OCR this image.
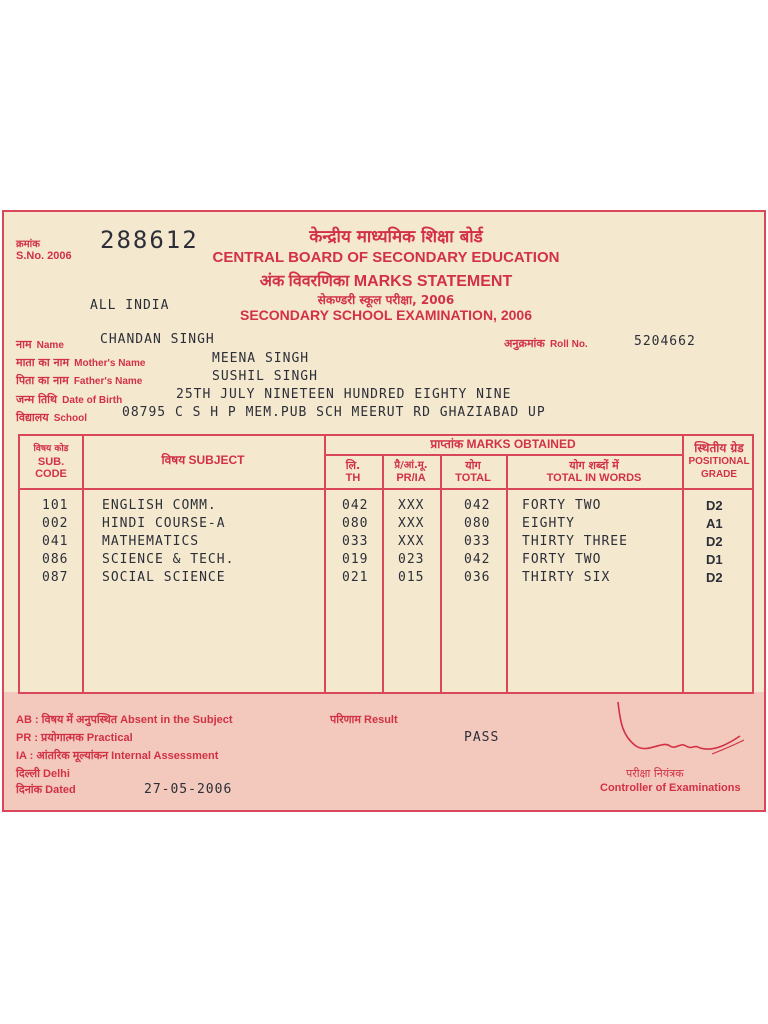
क्रमांक
S.No. 2006
288612	केन्द्रीय माध्यमिक शिक्षा बोर्ड
CENTRAL BOARD OF SECONDARY EDUCATION
अंक विवरणिका MARKS STATEMENT
सेकण्डरी स्कूल परीक्षा, 2006
SECONDARY SCHOOL EXAMINATION, 2006
ALL INDIA
नाम Name	CHANDAN SINGH	अनुक्रमांक Roll No.	5204662
माता का नाम Mother's Name	MEENA SINGH
पिता का नाम Father's Name	SUSHIL SINGH
जन्म तिथि Date of Birth	25TH JULY NINETEEN HUNDRED EIGHTY NINE
विद्यालय School	08795 C S H P MEM.PUB SCH MEERUT RD GHAZIABAD UP
विषय कोड
SUB. CODE
विषय SUBJECT
प्राप्तांक MARKS OBTAINED
लि.
TH
प्रै/आं.मू.
PR/IA
योग
TOTAL
योग शब्दों में
TOTAL IN WORDS
स्थितीय ग्रेड
POSITIONAL GRADE
101	ENGLISH COMM.	042 XXX	042 FORTY TWO	D2
002	HINDI COURSE-A	080 XXX	080 EIGHTY	A1
041	MATHEMATICS	033 XXX	033 THIRTY THREE	D2
086	SCIENCE & TECH.	019 023	042 FORTY TWO	D1
087	SOCIAL SCIENCE	021 015	036 THIRTY SIX	D2
AB : विषय में अनुपस्थित Absent in the Subject
PR : प्रयोगात्मक Practical
IA : आंतरिक मूल्यांकन Internal Assessment
दिल्ली Delhi
दिनांक Dated	27-05-2006
परिणाम Result
PASS
परीक्षा नियंत्रक
Controller of Examinations
